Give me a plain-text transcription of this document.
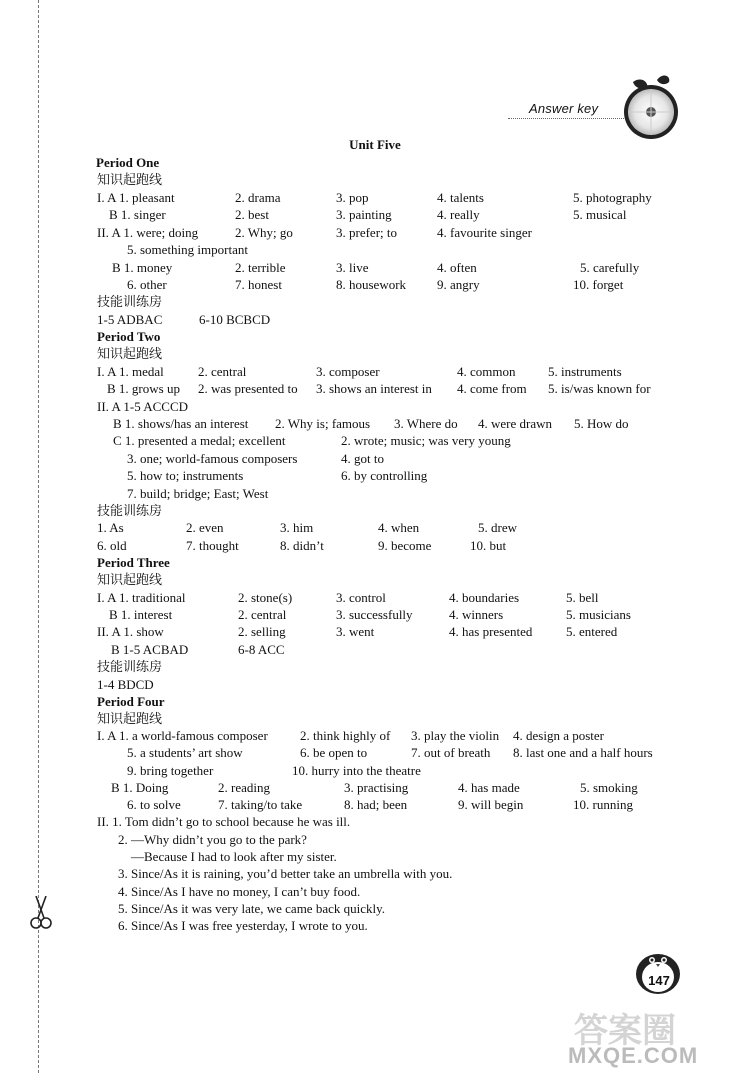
Answer key
Unit Five
Period One
知识起跑线
I. A 1. pleasant	2. drama	3. pop	4. talents	5. photography
B 1. singer	2. best	3. painting	4. really	5. musical
II. A 1. were; doing	2. Why; go	3. prefer; to	4. favourite singer
5. something important
B 1. money	2. terrible	3. live	4. often	5. carefully
6. other	7. honest	8. housework 9. angry	10. forget
技能训练房
1-5 ADBAC	6-10 BCBCD
Period Two
知识起跑线
I. A 1. medal	2. central	3. composer	4. common	5. instruments
B 1. grows up 2. was presented to 3. shows an interest in 4. come from 5. is/was known for
II. A 1-5 ACCCD
B 1. shows/has an interest 2. Why is; famous 3. Where do 4. were drawn 5. How do
C 1. presented a medal; excellent	2. wrote; music; was very young
3. one; world-famous composers	4. got to
5. how to; instruments	6. by controlling
7. build; bridge; East; West
技能训练房
1. As	2. even	3. him	4. when	5. drew
6. old	7. thought	8. didn’t	9. become	10. but
Period Three
知识起跑线
I. A 1. traditional	2. stone(s)	3. control	4. boundaries	5. bell
B 1. interest	2. central	3. successfully	4. winners	5. musicians
II. A 1. show	2. selling	3. went	4. has presented	5. entered
B 1-5 ACBAD	6-8 ACC
技能训练房
1-4 BDCD
Period Four
知识起跑线
I. A 1. a world-famous composer 2. think highly of 3. play the violin 4. design a poster
5. a students’ art show	6. be open to	7. out of breath 8. last one and a half hours
9. bring together	10. hurry into the theatre
B 1. Doing	2. reading	3. practising	4. has made	5. smoking
6. to solve	7. taking/to take	8. had; been	9. will begin	10. running
II. 1. Tom didn’t go to school because he was ill.
2. —Why didn’t you go to the park?
—Because I had to look after my sister.
3. Since/As it is raining, you’d better take an umbrella with you.
4. Since/As I have no money, I can’t buy food.
5. Since/As it was very late, we came back quickly.
6. Since/As I was free yesterday, I wrote to you.
147
答案圈
MXQE.COM
